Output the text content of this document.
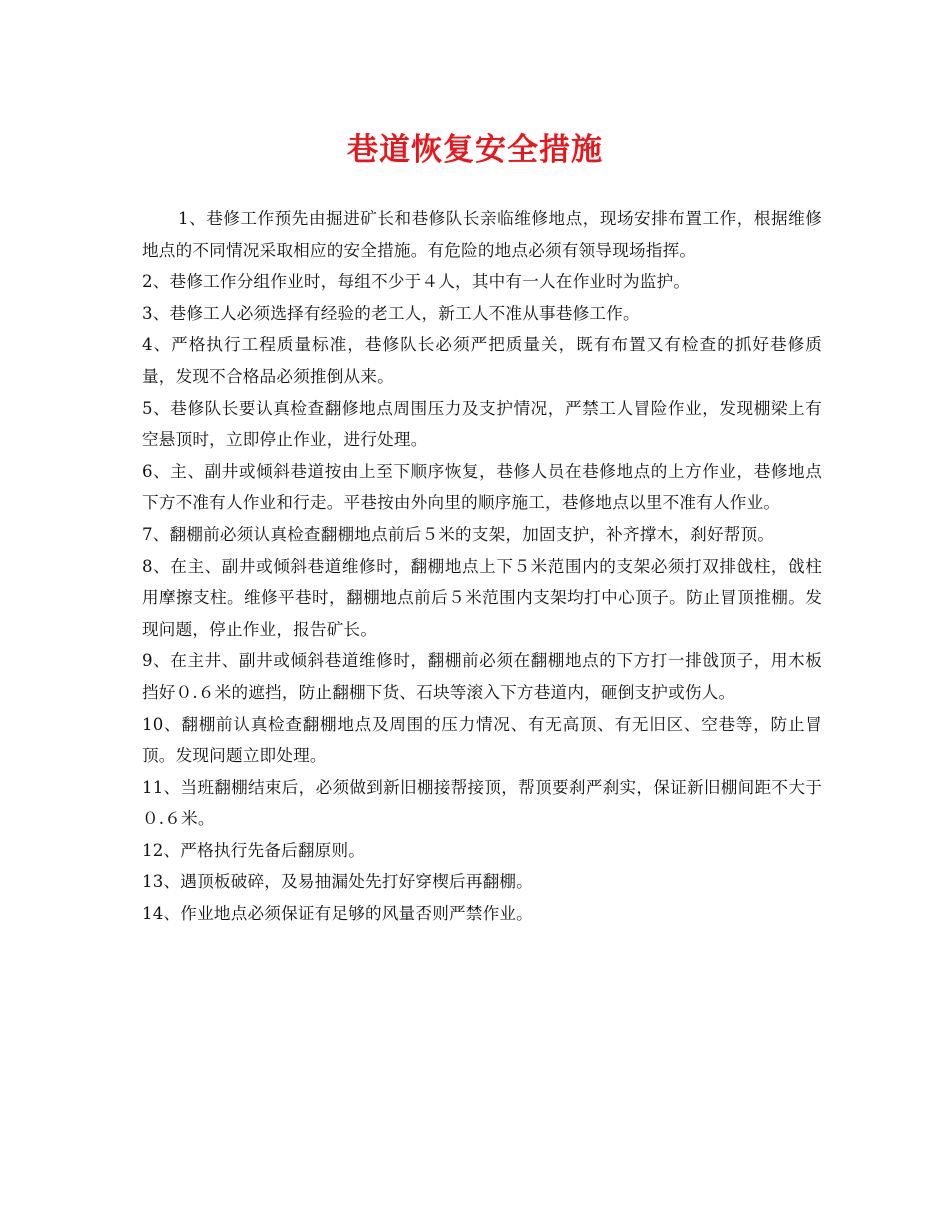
巷道恢复安全措施

1、巷修工作预先由掘进矿长和巷修队长亲临维修地点，现场安排布置工作，根据维修地点的不同情况采取相应的安全措施。有危险的地点必须有领导现场指挥。

2、巷修工作分组作业时，每组不少于４人，其中有一人在作业时为监护。

3、巷修工人必须选择有经验的老工人，新工人不准从事巷修工作。

4、严格执行工程质量标准，巷修队长必须严把质量关，既有布置又有检查的抓好巷修质量，发现不合格品必须推倒从来。

5、巷修队长要认真检查翻修地点周围压力及支护情况，严禁工人冒险作业，发现棚梁上有空悬顶时，立即停止作业，进行处理。

6、主、副井或倾斜巷道按由上至下顺序恢复，巷修人员在巷修地点的上方作业，巷修地点下方不准有人作业和行走。平巷按由外向里的顺序施工，巷修地点以里不准有人作业。

7、翻棚前必须认真检查翻棚地点前后５米的支架，加固支护，补齐撑木，刹好帮顶。

8、在主、副井或倾斜巷道维修时，翻棚地点上下５米范围内的支架必须打双排戗柱，戗柱用摩擦支柱。维修平巷时，翻棚地点前后５米范围内支架均打中心顶子。防止冒顶推棚。发现问题，停止作业，报告矿长。

9、在主井、副井或倾斜巷道维修时，翻棚前必须在翻棚地点的下方打一排戗顶子，用木板挡好０.６米的遮挡，防止翻棚下货、石块等滚入下方巷道内，砸倒支护或伤人。

10、翻棚前认真检查翻棚地点及周围的压力情况、有无高顶、有无旧区、空巷等，防止冒顶。发现问题立即处理。

11、当班翻棚结束后，必须做到新旧棚接帮接顶，帮顶要刹严刹实，保证新旧棚间距不大于０.６米。

12、严格执行先备后翻原则。

13、遇顶板破碎，及易抽漏处先打好穿楔后再翻棚。

14、作业地点必须保证有足够的风量否则严禁作业。
